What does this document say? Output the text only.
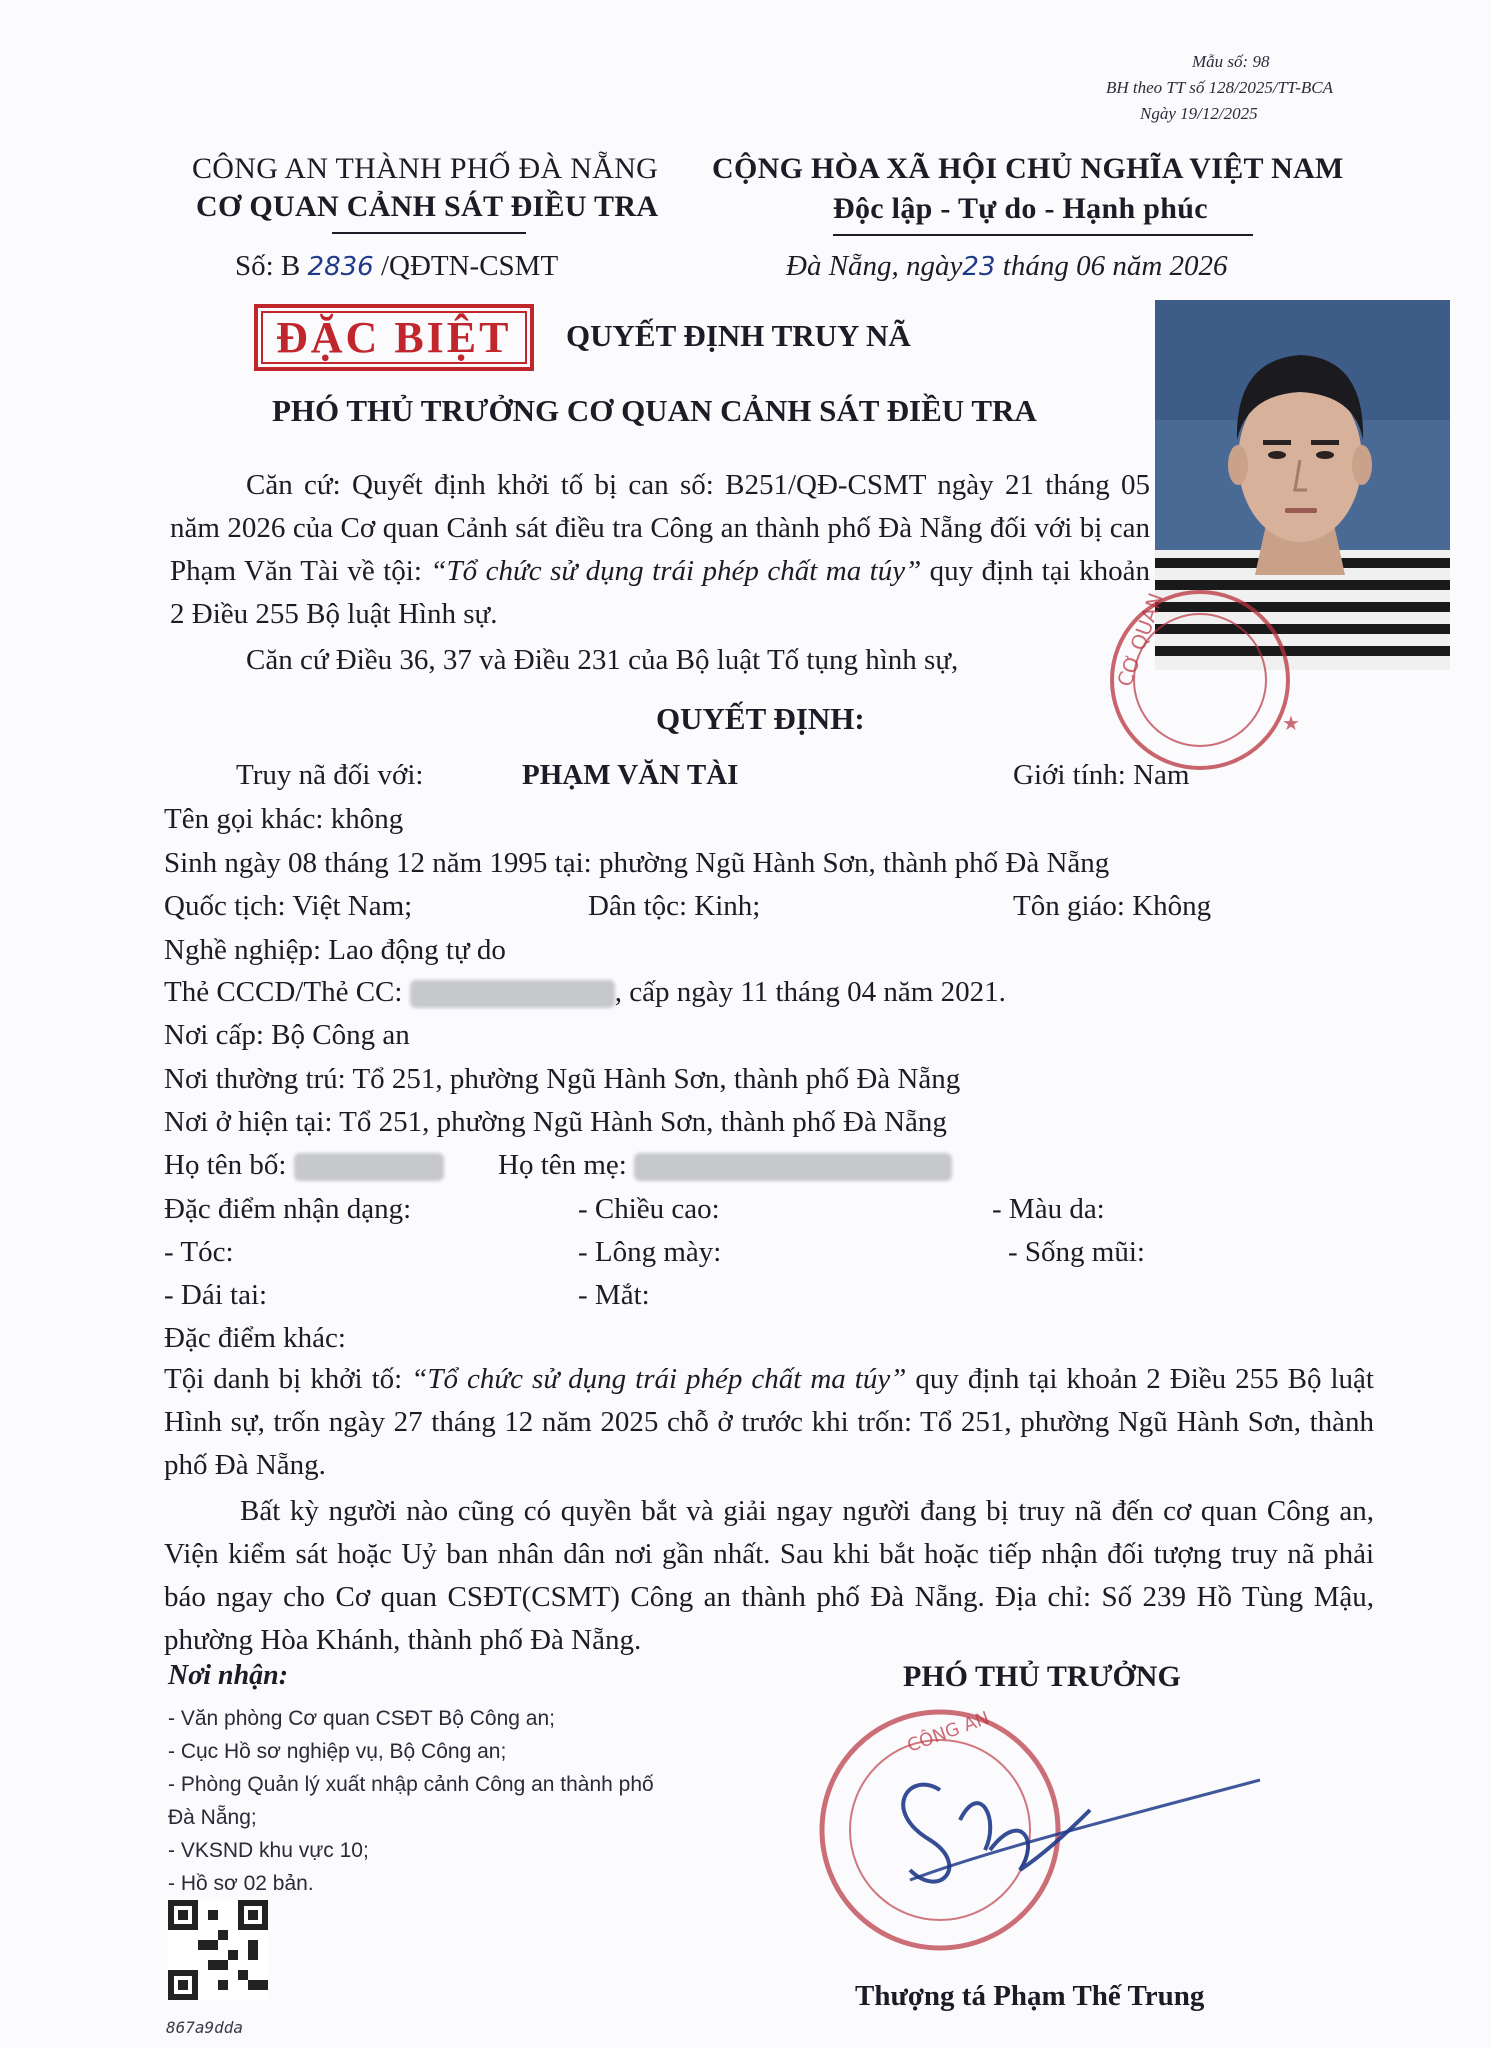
Mẫu số: 98
BH theo TT số 128/2025/TT-BCA
Ngày 19/12/2025
CÔNG AN THÀNH PHỐ ĐÀ NẴNG
CƠ QUAN CẢNH SÁT ĐIỀU TRA
Số: B 2836 /QĐTN-CSMT
CỘNG HÒA XÃ HỘI CHỦ NGHĨA VIỆT NAM
Độc lập - Tự do - Hạnh phúc
Đà Nẵng, ngày23 tháng 06 năm 2026
ĐẶC BIỆT	QUYẾT ĐỊNH TRUY NÃ
PHÓ THỦ TRƯỞNG CƠ QUAN CẢNH SÁT ĐIỀU TRA
CƠ QUAN
★
Căn cứ: Quyết định khởi tố bị can số: B251/QĐ-CSMT ngày 21 tháng 05 năm 2026 của Cơ quan Cảnh sát điều tra Công an thành phố Đà Nẵng đối với bị can Phạm Văn Tài về tội: “Tổ chức sử dụng trái phép chất ma túy” quy định tại khoản 2 Điều 255 Bộ luật Hình sự.
Căn cứ Điều 36, 37 và Điều 231 của Bộ luật Tố tụng hình sự,
QUYẾT ĐỊNH:
Truy nã đối với:	PHẠM VĂN TÀI	Giới tính: Nam
Tên gọi khác: không
Sinh ngày 08 tháng 12 năm 1995 tại: phường Ngũ Hành Sơn, thành phố Đà Nẵng
Quốc tịch: Việt Nam;	Dân tộc: Kinh;	Tôn giáo: Không
Nghề nghiệp: Lao động tự do
Thẻ CCCD/Thẻ CC:	, cấp ngày 11 tháng 04 năm 2021.
Nơi cấp: Bộ Công an
Nơi thường trú: Tổ 251, phường Ngũ Hành Sơn, thành phố Đà Nẵng
Nơi ở hiện tại: Tổ 251, phường Ngũ Hành Sơn, thành phố Đà Nẵng
Họ tên bố:	Họ tên mẹ:
Đặc điểm nhận dạng:	- Chiều cao:	- Màu da:
- Tóc:	- Lông mày:	- Sống mũi:
- Dái tai:	- Mắt:
Đặc điểm khác:
Tội danh bị khởi tố: “Tổ chức sử dụng trái phép chất ma túy” quy định tại khoản 2 Điều 255 Bộ luật Hình sự, trốn ngày 27 tháng 12 năm 2025 chỗ ở trước khi trốn: Tổ 251, phường Ngũ Hành Sơn, thành phố Đà Nẵng.
Bất kỳ người nào cũng có quyền bắt và giải ngay người đang bị truy nã đến cơ quan Công an, Viện kiểm sát hoặc Uỷ ban nhân dân nơi gần nhất. Sau khi bắt hoặc tiếp nhận đối tượng truy nã phải báo ngay cho Cơ quan CSĐT(CSMT) Công an thành phố Đà Nẵng. Địa chỉ: Số 239 Hồ Tùng Mậu, phường Hòa Khánh, thành phố Đà Nẵng.
Nơi nhận:
- Văn phòng Cơ quan CSĐT Bộ Công an;
- Cục Hồ sơ nghiệp vụ, Bộ Công an;
- Phòng Quản lý xuất nhập cảnh Công an thành phố
Đà Nẵng;
- VKSND khu vực 10;
- Hồ sơ 02 bản.
867a9dda
PHÓ THỦ TRƯỞNG
CÔNG AN
Thượng tá Phạm Thế Trung
